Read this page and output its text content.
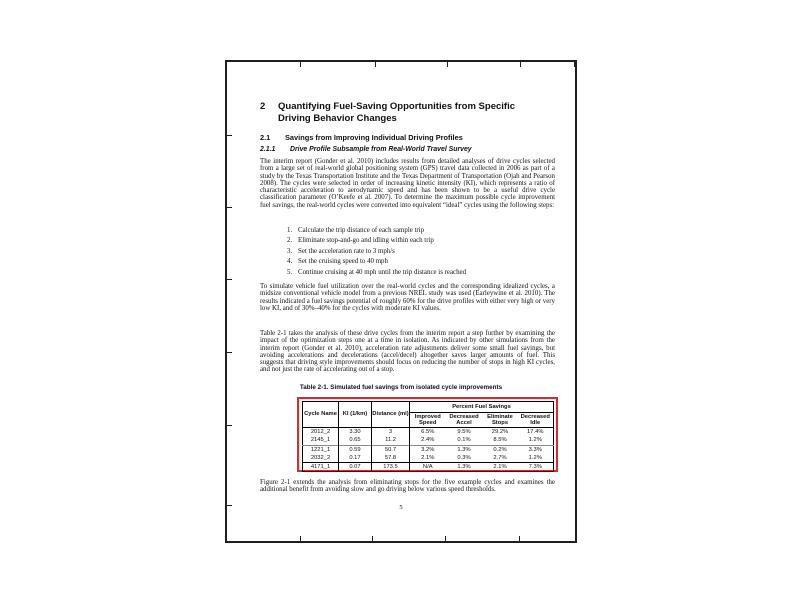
2	Quantifying Fuel-Saving Opportunities from Specific Driving Behavior Changes
2.1	Savings from Improving Individual Driving Profiles
2.1.1	Drive Profile Subsample from Real-World Travel Survey
The interim report (Gonder et al. 2010) includes results from detailed analyses of drive cycles selected from a large set of real-world global positioning system (GPS) travel data collected in 2006 as part of a study by the Texas Transportation Institute and the Texas Department of Transportation (Ojah and Pearson 2008). The cycles were selected in order of increasing kinetic intensity (KI), which represents a ratio of characteristic acceleration to aerodynamic speed and has been shown to be a useful drive cycle classification parameter (O’Keefe et al. 2007). To determine the maximum possible cycle improvement fuel savings, the real-world cycles were converted into equivalent “ideal” cycles using the following steps:
1. Calculate the trip distance of each sample trip
2. Eliminate stop-and-go and idling within each trip
3. Set the acceleration rate to 3 mph/s
4. Set the cruising speed to 40 mph
5. Continue cruising at 40 mph until the trip distance is reached
To simulate vehicle fuel utilization over the real-world cycles and the corresponding idealized cycles, a midsize conventional vehicle model from a previous NREL study was used (Earleywine et al. 2010). The results indicated a fuel savings potential of roughly 60% for the drive profiles with either very high or very low KI, and of 30%–40% for the cycles with moderate KI values.
Table 2-1 takes the analysis of these drive cycles from the interim report a step further by examining the impact of the optimization steps one at a time in isolation. As indicated by other simulations from the interim report (Gonder et al. 2010), acceleration rate adjustments deliver some small fuel savings, but avoiding accelerations and decelerations (accel/decel) altogether saves larger amounts of fuel. This suggests that driving style improvements should focus on reducing the number of stops in high KI cycles, and not just the rate of accelerating out of a stop.
Table 2-1. Simulated fuel savings from isolated cycle improvements
Cycle Name	KI (1/km)	Distance (mi)	Percent Fuel Savings			
			Improved Speed	Decreased Accel	Eliminate Stops	Decreased Idle
2012_2	3.30	3	6.5%	9.5%	29.2%	17.4%
2145_1	0.65	11.2	2.4%	0.1%	8.5%	1.2%
1221_1	0.59	50.7	3.2%	1.3%	0.2%	3.3%
2032_2	0.17	57.8	2.1%	0.3%	2.7%	1.2%
4171_1	0.07	173.5	N/A	1.3%	2.1%	7.3%
Figure 2-1 extends the analysis from eliminating stops for the five example cycles and examines the additional benefit from avoiding slow and go driving below various speed thresholds.
5
